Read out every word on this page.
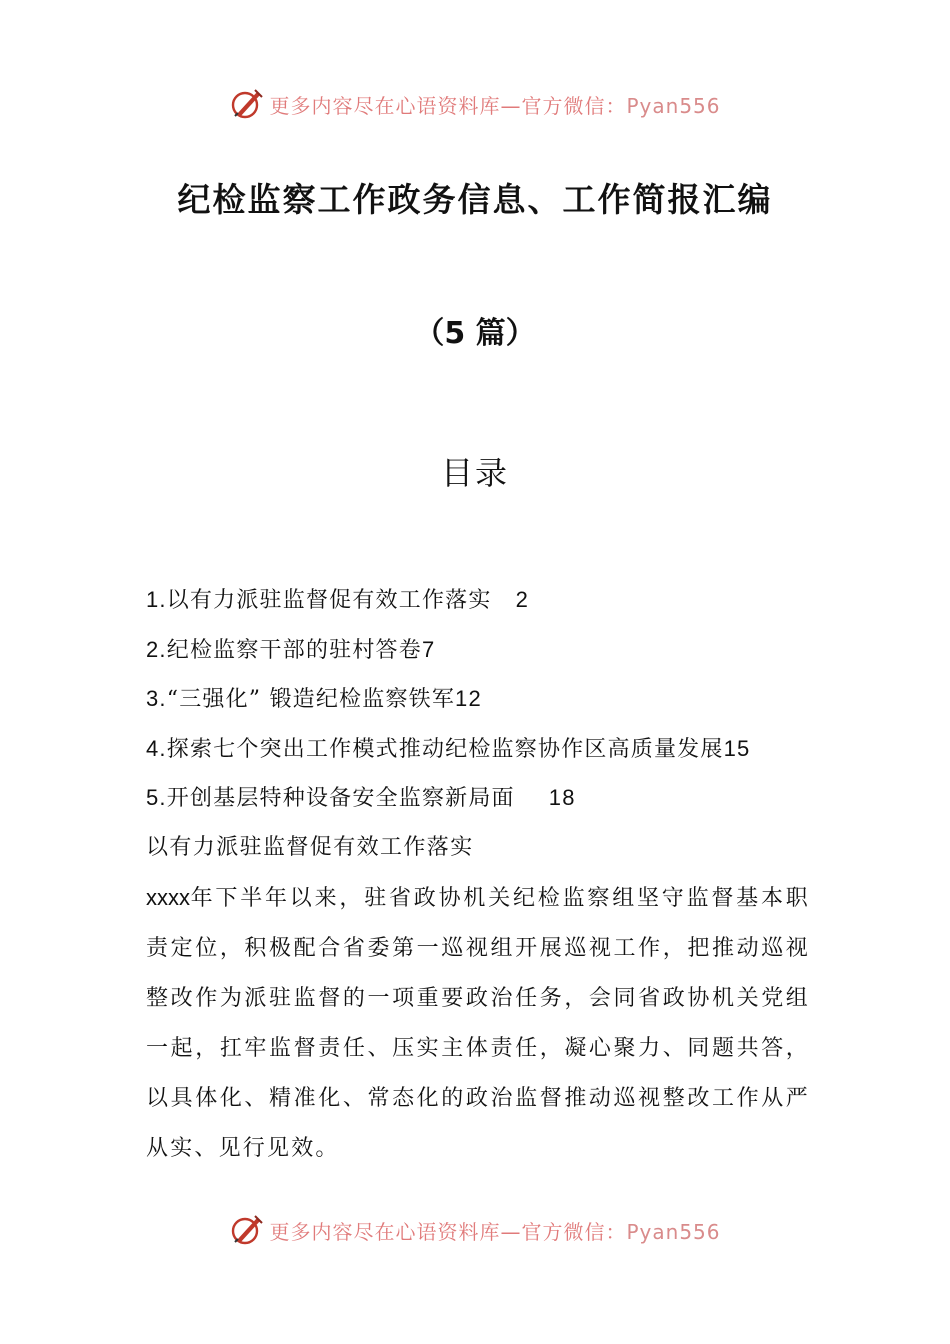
更多内容尽在心语资料库—官方微信：Pyan556
纪检监察工作政务信息、工作简报汇编
（5 篇）
目录
1.以有力派驻监督促有效工作落实 2
2.纪检监察干部的驻村答卷7
3.“三强化” 锻造纪检监察铁军12
4.探索七个突出工作模式推动纪检监察协作区高质量发展15
5.开创基层特种设备安全监察新局面 18
以有力派驻监督促有效工作落实
xxxx年下半年以来，驻省政协机关纪检监察组坚守监督基本职责定位，积极配合省委第一巡视组开展巡视工作，把推动巡视整改作为派驻监督的一项重要政治任务，会同省政协机关党组一起，扛牢监督责任、压实主体责任，凝心聚力、同题共答，以具体化、精准化、常态化的政治监督推动巡视整改工作从严从实、见行见效。
更多内容尽在心语资料库—官方微信：Pyan556
